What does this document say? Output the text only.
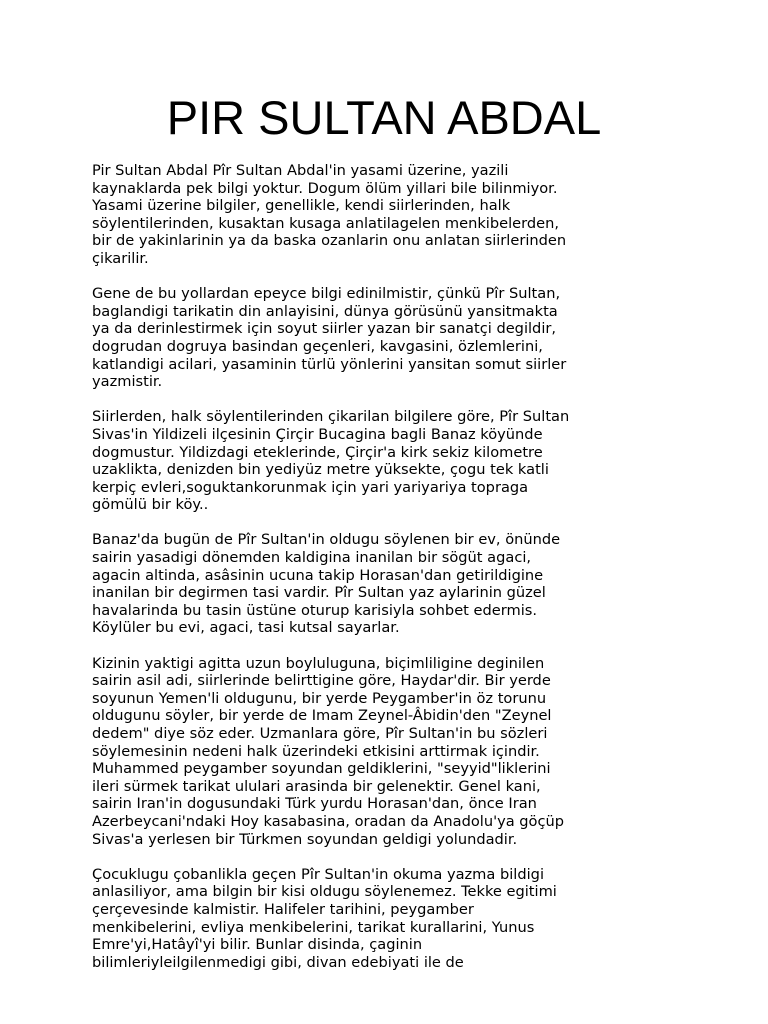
PIR SULTAN ABDAL

Pir Sultan Abdal Pîr Sultan Abdal'in yasami üzerine, yazili
kaynaklarda pek bilgi yoktur. Dogum ölüm yillari bile bilinmiyor.
Yasami üzerine bilgiler, genellikle, kendi siirlerinden, halk
söylentilerinden, kusaktan kusaga anlatilagelen menkibelerden,
bir de yakinlarinin ya da baska ozanlarin onu anlatan siirlerinden
çikarilir.

Gene de bu yollardan epeyce bilgi edinilmistir, çünkü Pîr Sultan,
baglandigi tarikatin din anlayisini, dünya görüsünü yansitmakta
ya da derinlestirmek için soyut siirler yazan bir sanatçi degildir,
dogrudan dogruya basindan geçenleri, kavgasini, özlemlerini,
katlandigi acilari, yasaminin türlü yönlerini yansitan somut siirler
yazmistir.

Siirlerden, halk söylentilerinden çikarilan bilgilere göre, Pîr Sultan
Sivas'in Yildizeli ilçesinin Çirçir Bucagina bagli Banaz köyünde
dogmustur. Yildizdagi eteklerinde, Çirçir'a kirk sekiz kilometre
uzaklikta, denizden bin yediyüz metre yüksekte, çogu tek katli
kerpiç evleri,soguktankorunmak için yari yariyariya topraga
gömülü bir köy..

Banaz'da bugün de Pîr Sultan'in oldugu söylenen bir ev, önünde
sairin yasadigi dönemden kaldigina inanilan bir sögüt agaci,
agacin altinda, asâsinin ucuna takip Horasan'dan getirildigine
inanilan bir degirmen tasi vardir. Pîr Sultan yaz aylarinin güzel
havalarinda bu tasin üstüne oturup karisiyla sohbet edermis.
Köylüler bu evi, agaci, tasi kutsal sayarlar.

Kizinin yaktigi agitta uzun boyluluguna, biçimliligine deginilen
sairin asil adi, siirlerinde belirttigine göre, Haydar'dir. Bir yerde
soyunun Yemen'li oldugunu, bir yerde Peygamber'in öz torunu
oldugunu söyler, bir yerde de Imam Zeynel-Âbidin'den "Zeynel
dedem" diye söz eder. Uzmanlara göre, Pîr Sultan'in bu sözleri
söylemesinin nedeni halk üzerindeki etkisini arttirmak içindir.
Muhammed peygamber soyundan geldiklerini, "seyyid"liklerini
ileri sürmek tarikat ululari arasinda bir gelenektir. Genel kani,
sairin Iran'in dogusundaki Türk yurdu Horasan'dan, önce Iran
Azerbeycani'ndaki Hoy kasabasina, oradan da Anadolu'ya göçüp
Sivas'a yerlesen bir Türkmen soyundan geldigi yolundadir.

Çocuklugu çobanlikla geçen Pîr Sultan'in okuma yazma bildigi
anlasiliyor, ama bilgin bir kisi oldugu söylenemez. Tekke egitimi
çerçevesinde kalmistir. Halifeler tarihini, peygamber
menkibelerini, evliya menkibelerini, tarikat kurallarini, Yunus
Emre'yi,Hatâyî'yi bilir. Bunlar disinda, çaginin
bilimleriyleilgilenmedigi gibi, divan edebiyati ile de
